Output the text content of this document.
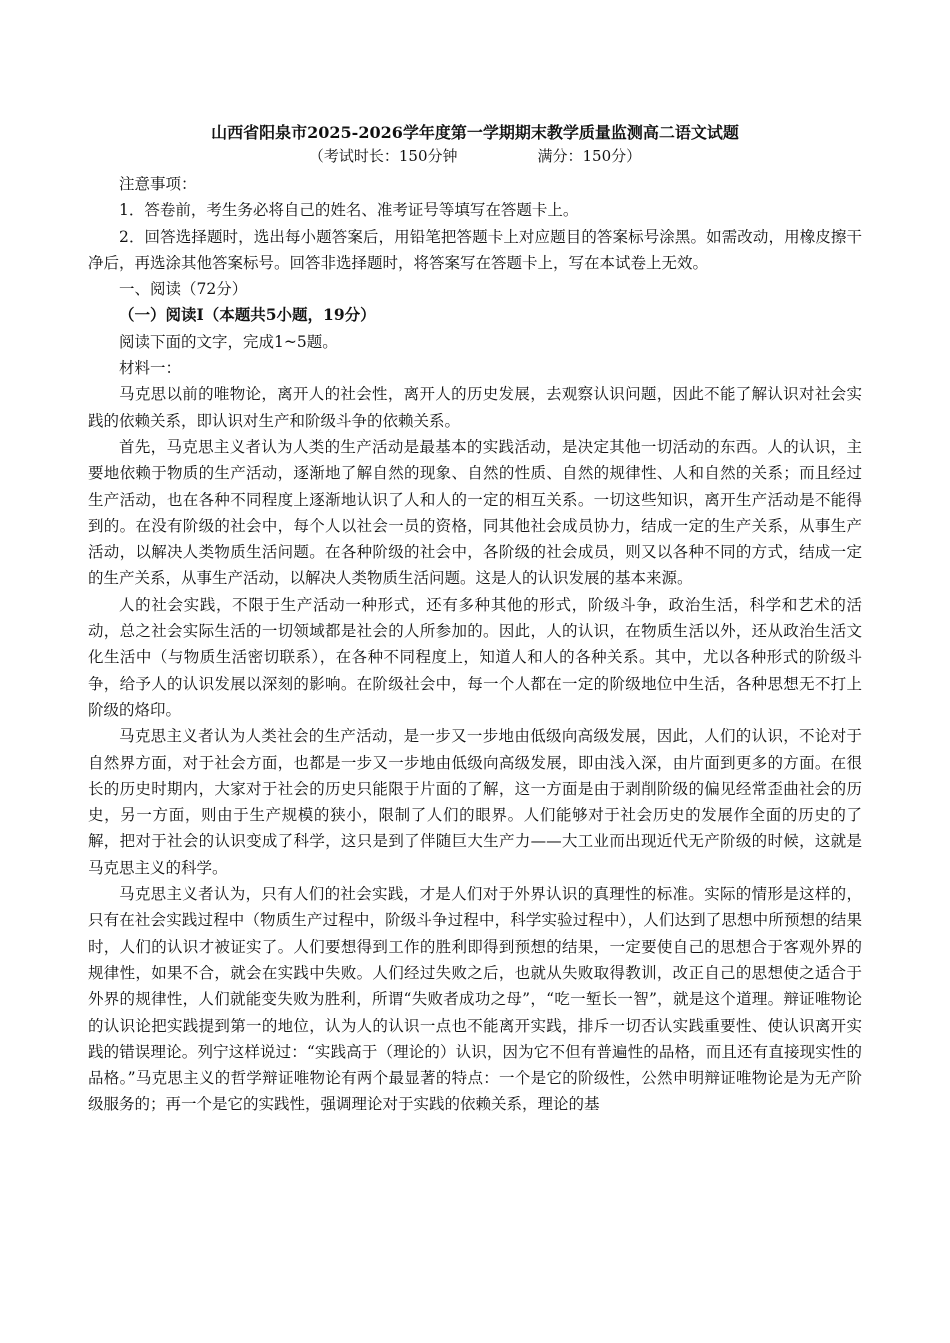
山西省阳泉市2025-2026学年度第一学期期末教学质量监测高二语文试题
（考试时长：150分钟	满分：150分）

注意事项：

1．答卷前，考生务必将自己的姓名、准考证号等填写在答题卡上。

2．回答选择题时，选出每小题答案后，用铅笔把答题卡上对应题目的答案标号涂黑。如需改动，用橡皮擦干净后，再选涂其他答案标号。回答非选择题时，将答案写在答题卡上，写在本试卷上无效。

一、阅读（72分）

（一）阅读Ⅰ（本题共5小题，19分）

阅读下面的文字，完成1~5题。

材料一：

马克思以前的唯物论，离开人的社会性，离开人的历史发展，去观察认识问题，因此不能了解认识对社会实践的依赖关系，即认识对生产和阶级斗争的依赖关系。

首先，马克思主义者认为人类的生产活动是最基本的实践活动，是决定其他一切活动的东西。人的认识，主要地依赖于物质的生产活动，逐渐地了解自然的现象、自然的性质、自然的规律性、人和自然的关系；而且经过生产活动，也在各种不同程度上逐渐地认识了人和人的一定的相互关系。一切这些知识，离开生产活动是不能得到的。在没有阶级的社会中，每个人以社会一员的资格，同其他社会成员协力，结成一定的生产关系，从事生产活动，以解决人类物质生活问题。在各种阶级的社会中，各阶级的社会成员，则又以各种不同的方式，结成一定的生产关系，从事生产活动，以解决人类物质生活问题。这是人的认识发展的基本来源。

人的社会实践，不限于生产活动一种形式，还有多种其他的形式，阶级斗争，政治生活，科学和艺术的活动，总之社会实际生活的一切领域都是社会的人所参加的。因此，人的认识，在物质生活以外，还从政治生活文化生活中（与物质生活密切联系），在各种不同程度上，知道人和人的各种关系。其中，尤以各种形式的阶级斗争，给予人的认识发展以深刻的影响。在阶级社会中，每一个人都在一定的阶级地位中生活，各种思想无不打上阶级的烙印。

马克思主义者认为人类社会的生产活动，是一步又一步地由低级向高级发展，因此，人们的认识，不论对于自然界方面，对于社会方面，也都是一步又一步地由低级向高级发展，即由浅入深，由片面到更多的方面。在很长的历史时期内，大家对于社会的历史只能限于片面的了解，这一方面是由于剥削阶级的偏见经常歪曲社会的历史，另一方面，则由于生产规模的狭小，限制了人们的眼界。人们能够对于社会历史的发展作全面的历史的了解，把对于社会的认识变成了科学，这只是到了伴随巨大生产力——大工业而出现近代无产阶级的时候，这就是马克思主义的科学。

马克思主义者认为，只有人们的社会实践，才是人们对于外界认识的真理性的标准。实际的情形是这样的，只有在社会实践过程中（物质生产过程中，阶级斗争过程中，科学实验过程中），人们达到了思想中所预想的结果时，人们的认识才被证实了。人们要想得到工作的胜利即得到预想的结果，一定要使自己的思想合于客观外界的规律性，如果不合，就会在实践中失败。人们经过失败之后，也就从失败取得教训，改正自己的思想使之适合于外界的规律性，人们就能变失败为胜利，所谓“失败者成功之母”，“吃一堑长一智”，就是这个道理。辩证唯物论的认识论把实践提到第一的地位，认为人的认识一点也不能离开实践，排斥一切否认实践重要性、使认识离开实践的错误理论。列宁这样说过：“实践高于（理论的）认识，因为它不但有普遍性的品格，而且还有直接现实性的品格。”马克思主义的哲学辩证唯物论有两个最显著的特点：一个是它的阶级性，公然申明辩证唯物论是为无产阶级服务的；再一个是它的实践性，强调理论对于实践的依赖关系，理论的基
